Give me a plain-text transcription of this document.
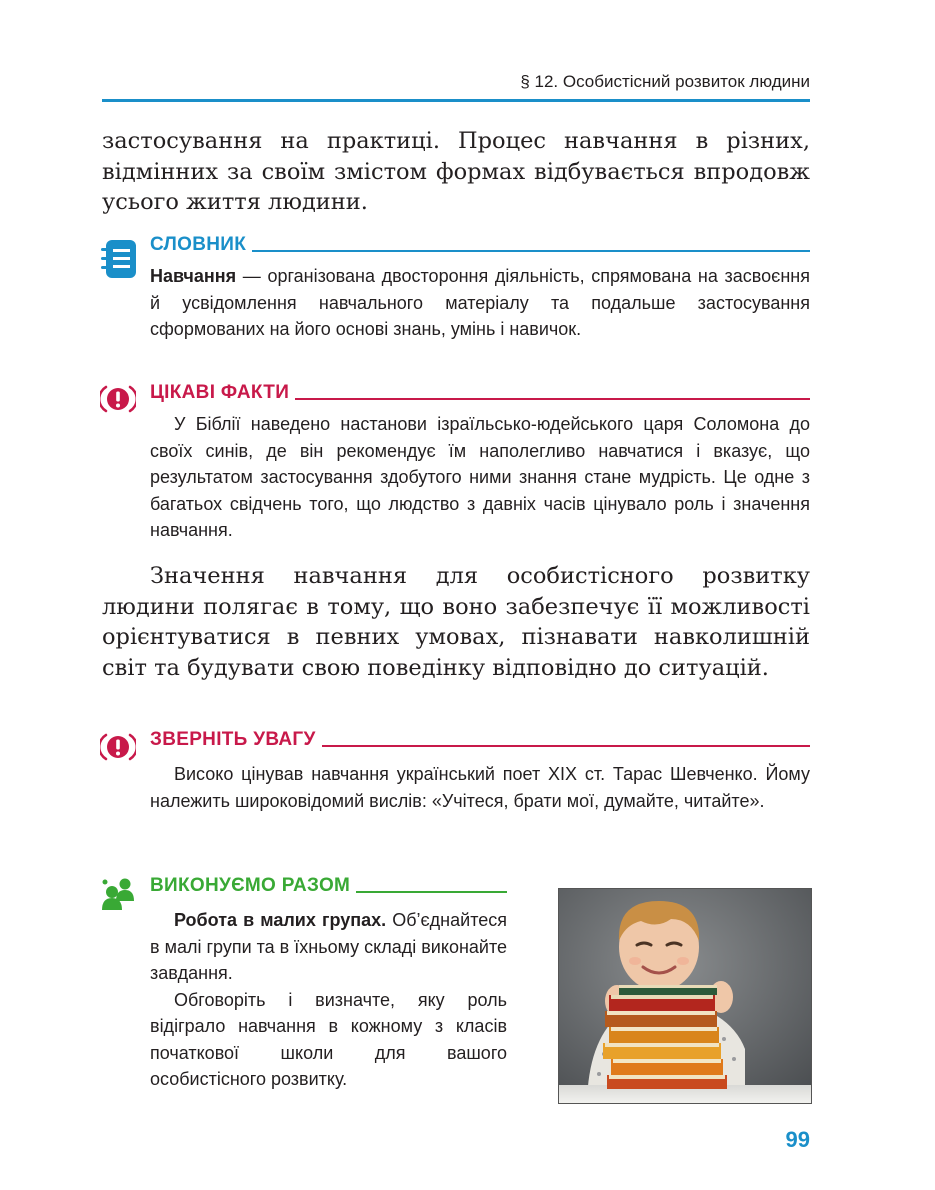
§ 12. Особистісний розвиток людини

застосування на практиці. Процес навчання в різних, відмінних за своїм змістом формах відбувається впродовж усього життя людини.

СЛОВНИК

Навчання — організована двостороння діяльність, спрямована на засвоєння й усвідомлення навчального матеріалу та подальше застосування сформованих на його основі знань, умінь і навичок.

ЦІКАВІ ФАКТИ

У Біблії наведено настанови ізраїльсько-юдейського царя Соломона до своїх синів, де він рекомендує їм наполегливо навчатися і вказує, що результатом застосування здобутого ними знання стане мудрість. Це одне з багатьох свідчень того, що людство з давніх часів цінувало роль і значення навчання.

Значення навчання для особистісного розвитку людини полягає в тому, що воно забезпечує її можливості орієнтуватися в певних умовах, пізнавати навколишній світ та будувати свою поведінку відповідно до ситуацій.

ЗВЕРНІТЬ УВАГУ

Високо цінував навчання український поет ХІХ ст. Тарас Шевченко. Йому належить широковідомий вислів: «Учітеся, брати мої, думайте, читайте».

ВИКОНУЄМО РАЗОМ

Робота в малих групах. Об’єднайтеся в малі групи та в їхньому складі виконайте завдання.

Обговоріть і визначте, яку роль відіграло навчання в кожному з класів початкової школи для вашого особистісного розвитку.

99
